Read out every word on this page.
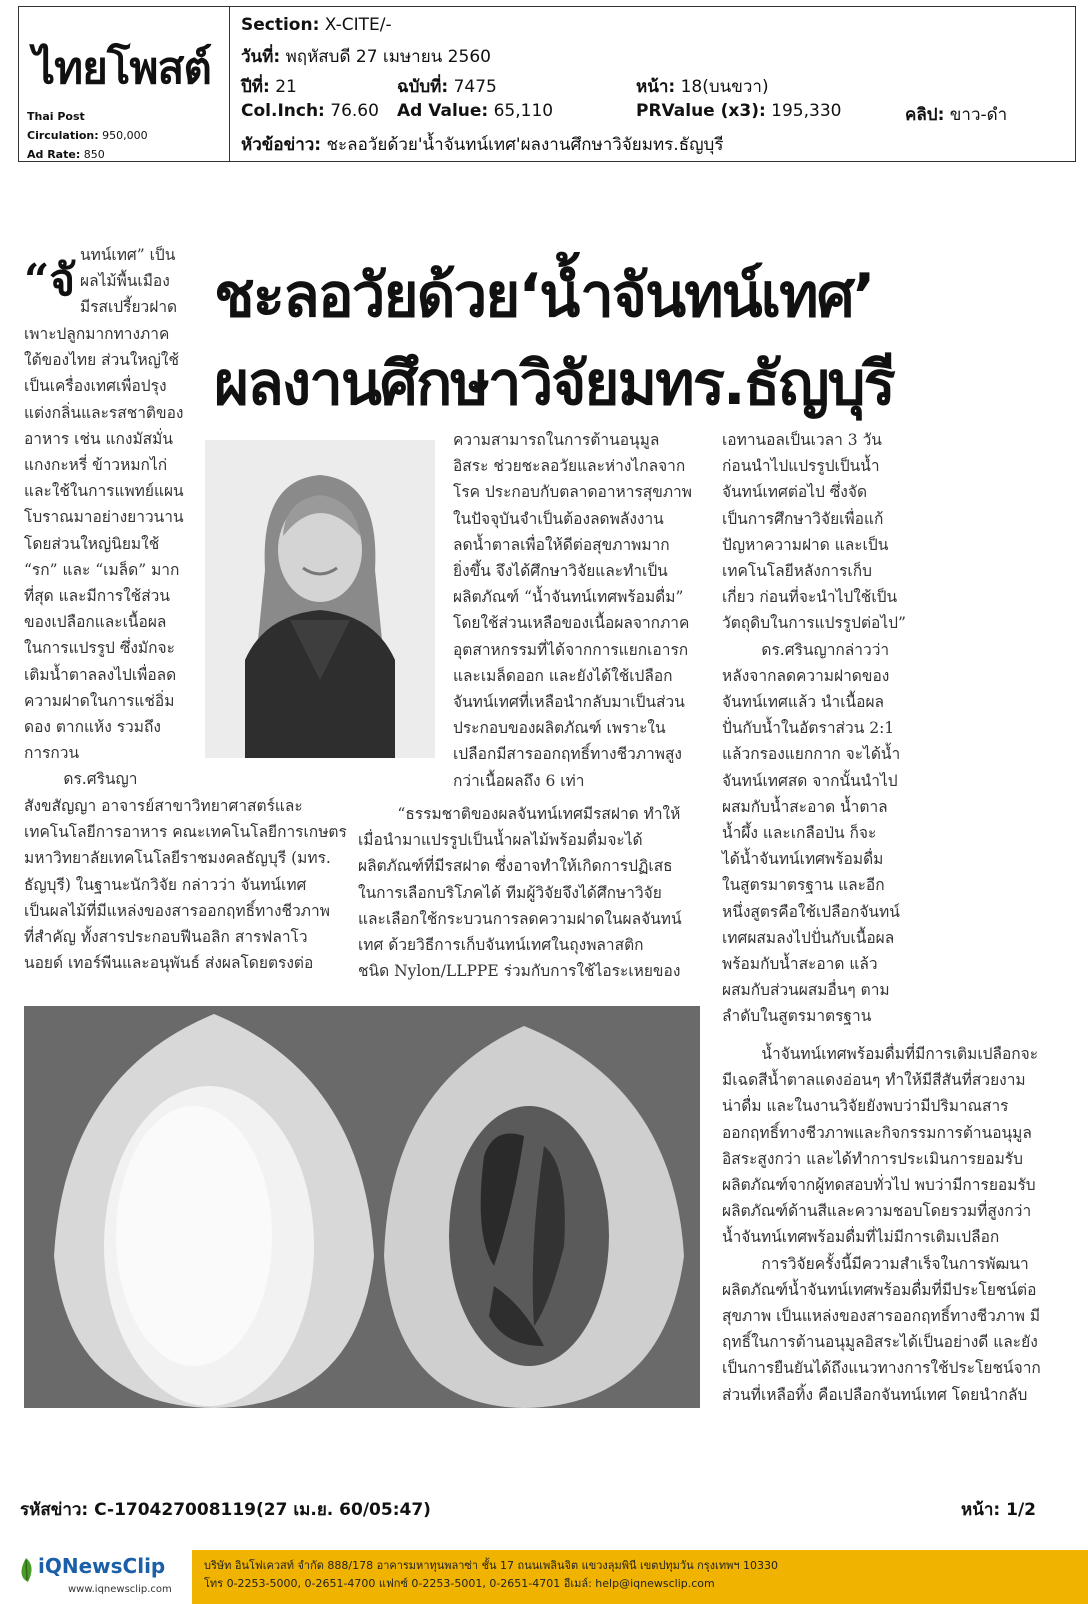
ไทยโพสต์
Thai Post
Circulation: 950,000
Ad Rate: 850
Section: X-CITE/-
วันที่: พฤหัสบดี 27 เมษายน 2560
ปีที่: 21	ฉบับที่: 7475	หน้า: 18(บนขวา)
Col.Inch: 76.60 Ad Value: 65,110	PRValue (x3): 195,330	คลิป: ขาว-ดำ
หัวข้อข่าว: ชะลอวัยด้วย'น้ำจันทน์เทศ'ผลงานศึกษาวิจัยมทร.ธัญบุรี
ชะลอวัยด้วย‘น้ำจันทน์เทศ’
ผลงานศึกษาวิจัยมทร.ธัญบุรี
“จั นทน์เทศ” เป็น
ผลไม้พื้นเมือง
มีรสเปรี้ยวฝาด
เพาะปลูกมากทางภาค
ใต้ของไทย ส่วนใหญ่ใช้
เป็นเครื่องเทศเพื่อปรุง
แต่งกลิ่นและรสชาติของ
อาหาร เช่น แกงมัสมั่น
แกงกะหรี่ ข้าวหมกไก่
และใช้ในการแพทย์แผน
โบราณมาอย่างยาวนาน
โดยส่วนใหญ่นิยมใช้
“รก” และ “เมล็ด” มาก
ที่สุด และมีการใช้ส่วน
ของเปลือกและเนื้อผล
ในการแปรรูป ซึ่งมักจะ
เติมน้ำตาลลงไปเพื่อลด
ความฝาดในการแช่อิ่ม
ดอง ตากแห้ง รวมถึง
การกวน
ดร.ศรินญา
สังขสัญญา อาจารย์สาขาวิทยาศาสตร์และ
เทคโนโลยีการอาหาร คณะเทคโนโลยีการเกษตร
มหาวิทยาลัยเทคโนโลยีราชมงคลธัญบุรี (มทร.
ธัญบุรี) ในฐานะนักวิจัย กล่าวว่า จันทน์เทศ
เป็นผลไม้ที่มีแหล่งของสารออกฤทธิ์ทางชีวภาพ
ที่สำคัญ ทั้งสารประกอบฟีนอลิก สารฟลาโว
นอยด์ เทอร์พีนและอนุพันธ์ ส่งผลโดยตรงต่อ
ความสามารถในการต้านอนุมูล
อิสระ ช่วยชะลอวัยและห่างไกลจาก
โรค ประกอบกับตลาดอาหารสุขภาพ
ในปัจจุบันจำเป็นต้องลดพลังงาน
ลดน้ำตาลเพื่อให้ดีต่อสุขภาพมาก
ยิ่งขึ้น จึงได้ศึกษาวิจัยและทำเป็น
ผลิตภัณฑ์ “น้ำจันทน์เทศพร้อมดื่ม”
โดยใช้ส่วนเหลือของเนื้อผลจากภาค
อุตสาหกรรมที่ได้จากการแยกเอารก
และเมล็ดออก และยังได้ใช้เปลือก
จันทน์เทศที่เหลือนำกลับมาเป็นส่วน
ประกอบของผลิตภัณฑ์ เพราะใน
เปลือกมีสารออกฤทธิ์ทางชีวภาพสูง
กว่าเนื้อผลถึง 6 เท่า
“ธรรมชาติของผลจันทน์เทศมีรสฝาด ทำให้
เมื่อนำมาแปรรูปเป็นน้ำผลไม้พร้อมดื่มจะได้
ผลิตภัณฑ์ที่มีรสฝาด ซึ่งอาจทำให้เกิดการปฏิเสธ
ในการเลือกบริโภคได้ ทีมผู้วิจัยจึงได้ศึกษาวิจัย
และเลือกใช้กระบวนการลดความฝาดในผลจันทน์
เทศ ด้วยวิธีการเก็บจันทน์เทศในถุงพลาสติก
ชนิด Nylon/LLPPE ร่วมกับการใช้ไอระเหยของ
เอทานอลเป็นเวลา 3 วัน
ก่อนนำไปแปรรูปเป็นน้ำ
จันทน์เทศต่อไป ซึ่งจัด
เป็นการศึกษาวิจัยเพื่อแก้
ปัญหาความฝาด และเป็น
เทคโนโลยีหลังการเก็บ
เกี่ยว ก่อนที่จะนำไปใช้เป็น
วัตถุดิบในการแปรรูปต่อไป”
ดร.ศรินญากล่าวว่า
หลังจากลดความฝาดของ
จันทน์เทศแล้ว นำเนื้อผล
ปั่นกับน้ำในอัตราส่วน 2:1
แล้วกรองแยกกาก จะได้น้ำ
จันทน์เทศสด จากนั้นนำไป
ผสมกับน้ำสะอาด น้ำตาล
น้ำผึ้ง และเกลือป่น ก็จะ
ได้น้ำจันทน์เทศพร้อมดื่ม
ในสูตรมาตรฐาน และอีก
หนึ่งสูตรคือใช้เปลือกจันทน์
เทศผสมลงไปปั่นกับเนื้อผล
พร้อมกับน้ำสะอาด แล้ว
ผสมกับส่วนผสมอื่นๆ ตาม
ลำดับในสูตรมาตรฐาน
น้ำจันทน์เทศพร้อมดื่มที่มีการเติมเปลือกจะ
มีเฉดสีน้ำตาลแดงอ่อนๆ ทำให้มีสีสันที่สวยงาม
น่าดื่ม และในงานวิจัยยังพบว่ามีปริมาณสาร
ออกฤทธิ์ทางชีวภาพและกิจกรรมการต้านอนุมูล
อิสระสูงกว่า และได้ทำการประเมินการยอมรับ
ผลิตภัณฑ์จากผู้ทดสอบทั่วไป พบว่ามีการยอมรับ
ผลิตภัณฑ์ด้านสีและความชอบโดยรวมที่สูงกว่า
น้ำจันทน์เทศพร้อมดื่มที่ไม่มีการเติมเปลือก
การวิจัยครั้งนี้มีความสำเร็จในการพัฒนา
ผลิตภัณฑ์น้ำจันทน์เทศพร้อมดื่มที่มีประโยชน์ต่อ
สุขภาพ เป็นแหล่งของสารออกฤทธิ์ทางชีวภาพ มี
ฤทธิ์ในการต้านอนุมูลอิสระได้เป็นอย่างดี และยัง
เป็นการยืนยันได้ถึงแนวทางการใช้ประโยชน์จาก
ส่วนที่เหลือทิ้ง คือเปลือกจันทน์เทศ โดยนำกลับ
รหัสข่าว: C-170427008119(27 เม.ย. 60/05:47)	หน้า: 1/2
iQNewsClip
www.iqnewsclip.com
บริษัท อินโฟเควสท์ จำกัด 888/178 อาคารมหาทุนพลาซ่า ชั้น 17 ถนนเพลินจิต แขวงลุมพินี เขตปทุมวัน กรุงเทพฯ 10330
โทร 0-2253-5000, 0-2651-4700 แฟกซ์ 0-2253-5001, 0-2651-4701 อีเมล์: help@iqnewsclip.com
